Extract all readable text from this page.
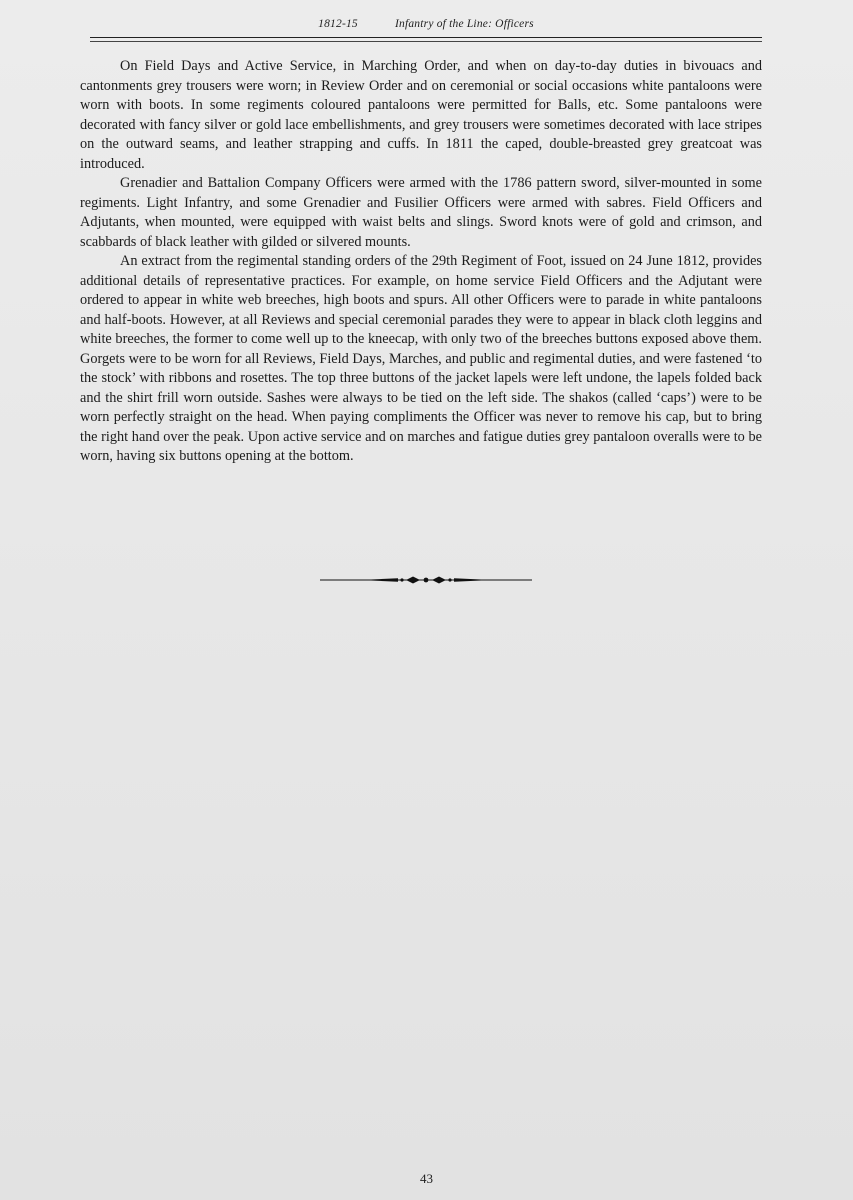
1812-15	Infantry of the Line: Officers

On Field Days and Active Service, in Marching Order, and when on day-to-day duties in bivouacs and cantonments grey trousers were worn; in Review Order and on ceremonial or social occasions white pantaloons were worn with boots. In some regiments coloured pantaloons were permitted for Balls, etc. Some pantaloons were decorated with fancy silver or gold lace embellishments, and grey trousers were sometimes decorated with lace stripes on the outward seams, and leather strapping and cuffs. In 1811 the caped, double-breasted grey greatcoat was introduced.

Grenadier and Battalion Company Officers were armed with the 1786 pattern sword, silver-mounted in some regiments. Light Infantry, and some Grenadier and Fusilier Officers were armed with sabres. Field Officers and Adjutants, when mounted, were equipped with waist belts and slings. Sword knots were of gold and crimson, and scabbards of black leather with gilded or silvered mounts.

An extract from the regimental standing orders of the 29th Regiment of Foot, issued on 24 June 1812, provides additional details of representative practices. For example, on home service Field Officers and the Adjutant were ordered to appear in white web breeches, high boots and spurs. All other Officers were to parade in white pantaloons and half-boots. However, at all Reviews and special ceremonial parades they were to appear in black cloth leggins and white breeches, the former to come well up to the kneecap, with only two of the breeches buttons exposed above them. Gorgets were to be worn for all Reviews, Field Days, Marches, and public and regimental duties, and were fastened ‘to the stock’ with ribbons and rosettes. The top three buttons of the jacket lapels were left undone, the lapels folded back and the shirt frill worn outside. Sashes were always to be tied on the left side. The shakos (called ‘caps’) were to be worn perfectly straight on the head. When paying compliments the Officer was never to remove his cap, but to bring the right hand over the peak. Upon active service and on marches and fatigue duties grey pantaloon overalls were to be worn, having six buttons opening at the bottom.

43
